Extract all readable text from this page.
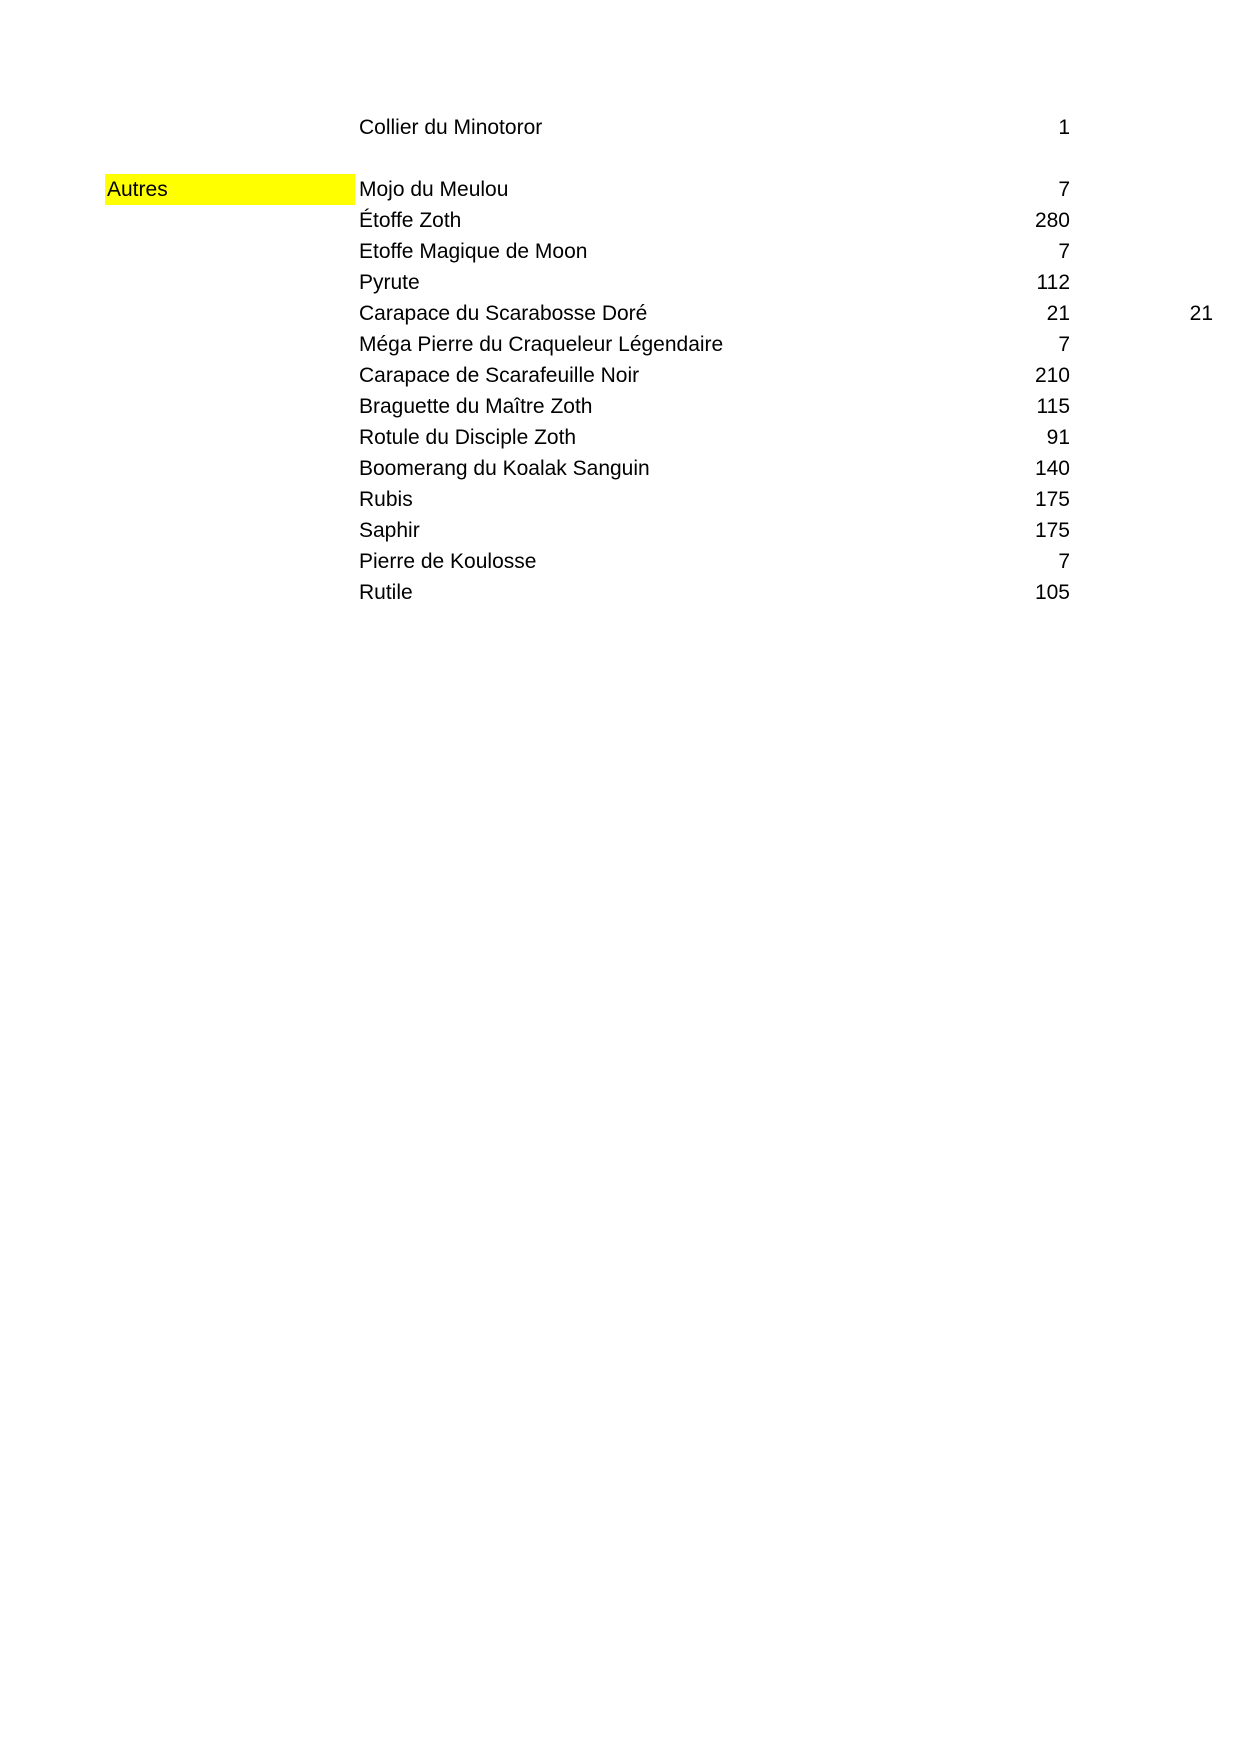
Collier du Minotoror	1
Autres	Mojo du Meulou	7
Étoffe Zoth	280
Etoffe Magique de Moon	7
Pyrute	112
Carapace du Scarabosse Doré	21	21
Méga Pierre du Craqueleur Légendaire	7
Carapace de Scarafeuille Noir	210
Braguette du Maître Zoth	115
Rotule du Disciple Zoth	91
Boomerang du Koalak Sanguin	140
Rubis	175
Saphir	175
Pierre de Koulosse	7
Rutile	105
